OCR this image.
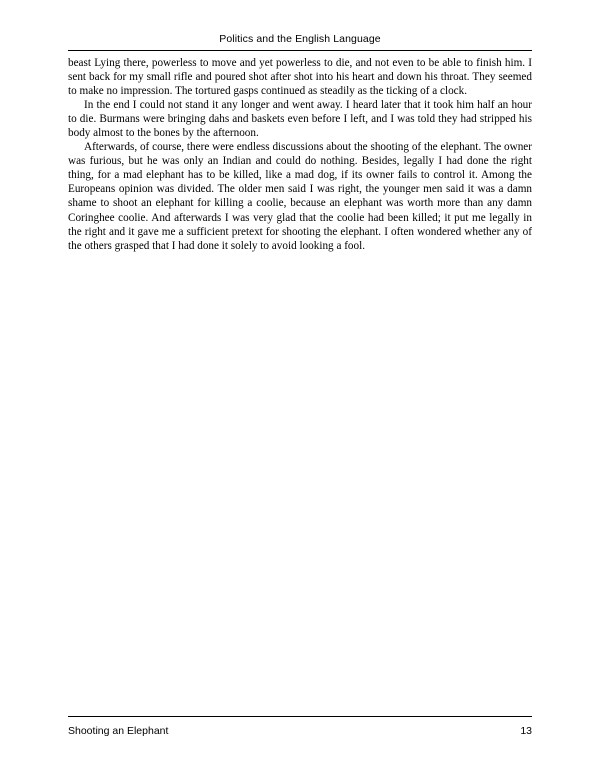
Politics and the English Language

beast Lying there, powerless to move and yet powerless to die, and not even to be able to finish him. I sent back for my small rifle and poured shot after shot into his heart and down his throat. They seemed to make no impression. The tortured gasps continued as steadily as the ticking of a clock.

In the end I could not stand it any longer and went away. I heard later that it took him half an hour to die. Burmans were bringing dahs and baskets even before I left, and I was told they had stripped his body almost to the bones by the afternoon.

Afterwards, of course, there were endless discussions about the shooting of the elephant. The owner was furious, but he was only an Indian and could do nothing. Besides, legally I had done the right thing, for a mad elephant has to be killed, like a mad dog, if its owner fails to control it. Among the Europeans opinion was divided. The older men said I was right, the younger men said it was a damn shame to shoot an elephant for killing a coolie, because an elephant was worth more than any damn Coringhee coolie. And afterwards I was very glad that the coolie had been killed; it put me legally in the right and it gave me a sufficient pretext for shooting the elephant. I often wondered whether any of the others grasped that I had done it solely to avoid looking a fool.

Shooting an Elephant	13
